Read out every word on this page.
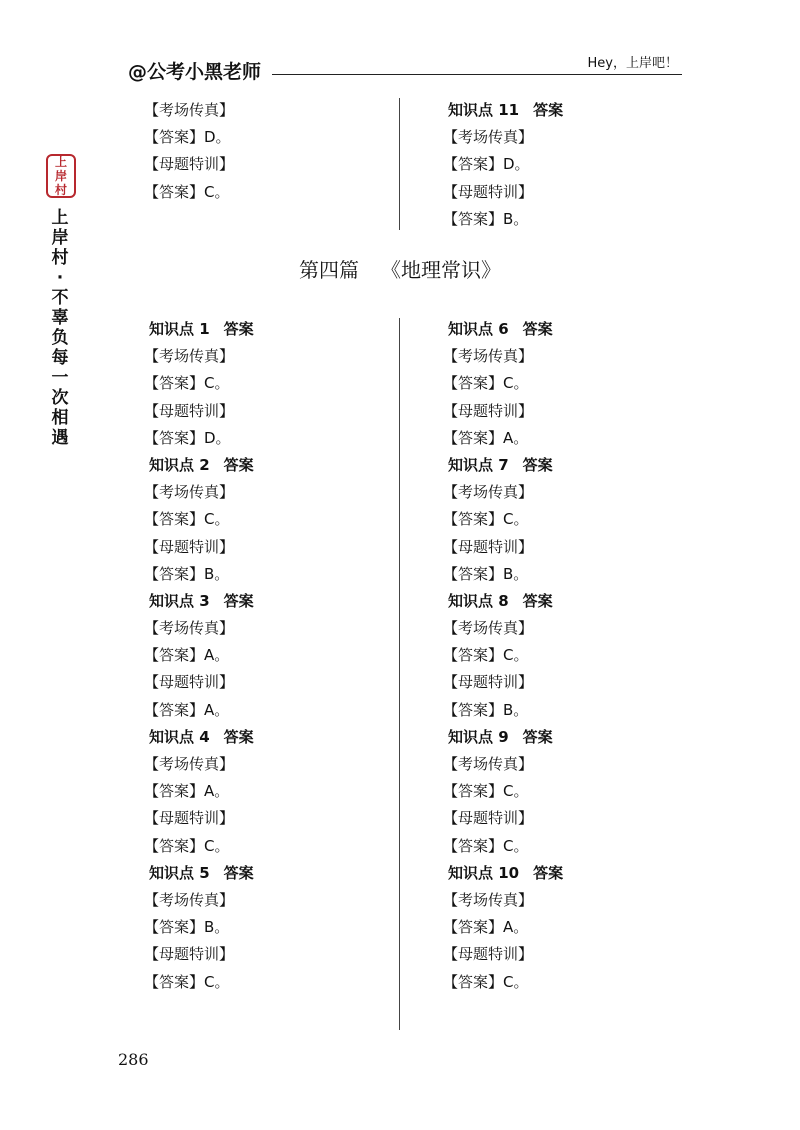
@公考小黑老师	Hey，上岸吧！
上
岸
村
上
岸
村
·
不
辜
负
每
一
次
相
遇
【考场传真】
【答案】D。
【母题特训】
【答案】C。
知识点 11 答案
【考场传真】
【答案】D。
【母题特训】
【答案】B。
第四篇 《地理常识》
知识点 1 答案
【考场传真】
【答案】C。
【母题特训】
【答案】D。
知识点 2 答案
【考场传真】
【答案】C。
【母题特训】
【答案】B。
知识点 3 答案
【考场传真】
【答案】A。
【母题特训】
【答案】A。
知识点 4 答案
【考场传真】
【答案】A。
【母题特训】
【答案】C。
知识点 5 答案
【考场传真】
【答案】B。
【母题特训】
【答案】C。
知识点 6 答案
【考场传真】
【答案】C。
【母题特训】
【答案】A。
知识点 7 答案
【考场传真】
【答案】C。
【母题特训】
【答案】B。
知识点 8 答案
【考场传真】
【答案】C。
【母题特训】
【答案】B。
知识点 9 答案
【考场传真】
【答案】C。
【母题特训】
【答案】C。
知识点 10 答案
【考场传真】
【答案】A。
【母题特训】
【答案】C。
286
